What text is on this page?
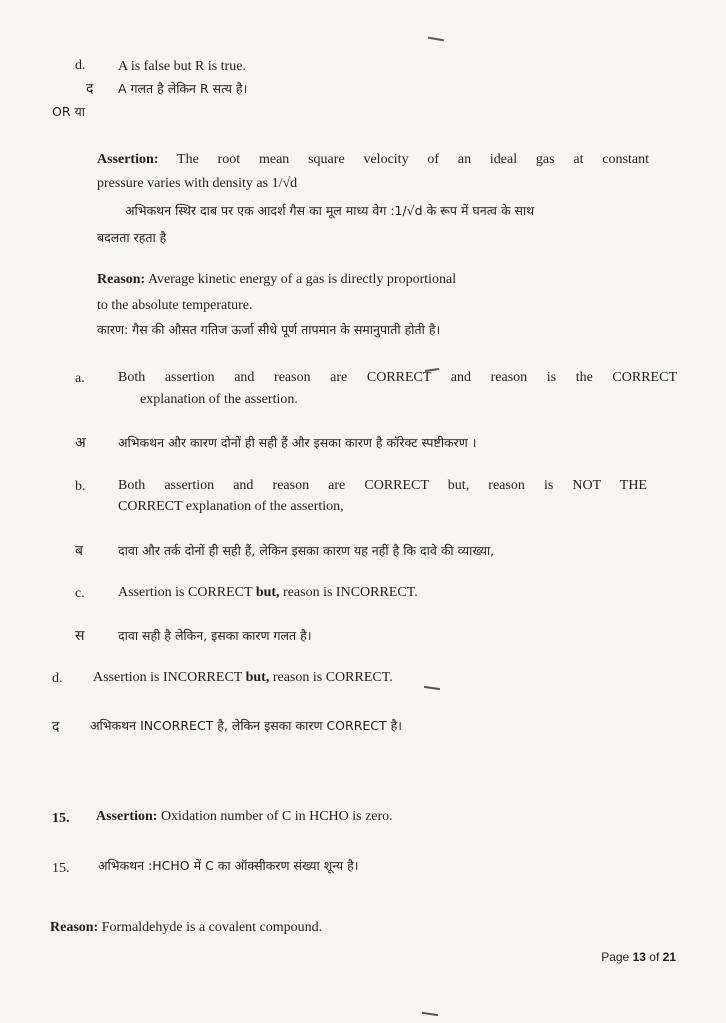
d. A is false but R is true.
द A गलत है लेकिन R सत्य है।
OR या
Assertion: The root mean square velocity of an ideal gas at constant
pressure varies with density as 1/√d
अभिकथन स्थिर दाब पर एक आदर्श गैस का मूल माध्य वेग :1/√d के रूप में घनत्व के साथ
बदलता रहता है
Reason: Average kinetic energy of a gas is directly proportional
to the absolute temperature.
कारण: गैस की औसत गतिज ऊर्जा सीधे पूर्ण तापमान के समानुपाती होती है।
a. Both assertion and reason are CORRECT and reason is the CORRECT
explanation of the assertion.
अ	अभिकथन और कारण दोनों ही सही हैं और इसका कारण है कॉरेक्ट स्पष्टीकरण ।
b. Both assertion and reason are CORRECT but, reason is NOT THE
CORRECT explanation of the assertion,
ब	दावा और तर्क दोनों ही सही हैं, लेकिन इसका कारण यह नहीं है कि दावे की व्याख्या,
c. Assertion is CORRECT but, reason is INCORRECT.
स	दावा सही है लेकिन, इसका कारण गलत है।
d. Assertion is INCORRECT but, reason is CORRECT.
द अभिकथन INCORRECT है, लेकिन इसका कारण CORRECT है।
15. Assertion: Oxidation number of C in HCHO is zero.
15. अभिकथन :HCHO में C का ऑक्सीकरण संख्या शून्य है।
Reason: Formaldehyde is a covalent compound.
Page 13 of 21
